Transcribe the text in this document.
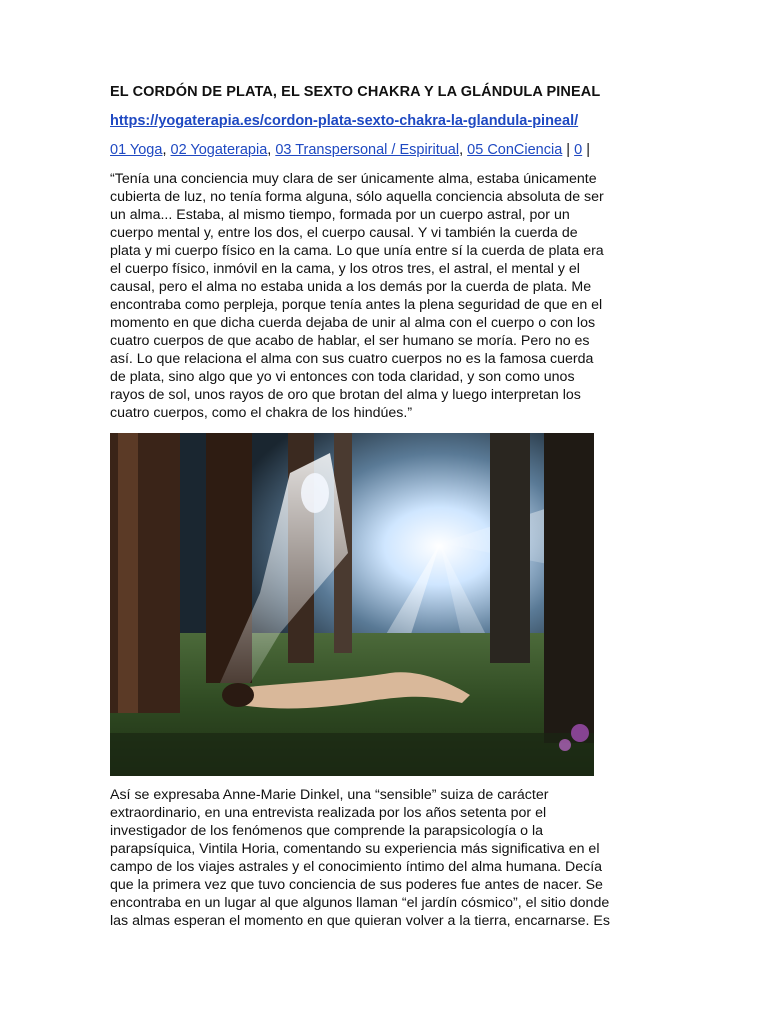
EL CORDÓN DE PLATA, EL SEXTO CHAKRA Y LA GLÁNDULA PINEAL
https://yogaterapia.es/cordon-plata-sexto-chakra-la-glandula-pineal/
01 Yoga, 02 Yogaterapia, 03 Transpersonal / Espiritual, 05 ConCiencia | 0 |

“Tenía una conciencia muy clara de ser únicamente alma, estaba únicamente

cubierta de luz, no tenía forma alguna, sólo aquella conciencia absoluta de ser

un alma... Estaba, al mismo tiempo, formada por un cuerpo astral, por un

cuerpo mental y, entre los dos, el cuerpo causal. Y vi también la cuerda de

plata y mi cuerpo físico en la cama. Lo que unía entre sí la cuerda de plata era

el cuerpo físico, inmóvil en la cama, y los otros tres, el astral, el mental y el

causal, pero el alma no estaba unida a los demás por la cuerda de plata. Me

encontraba como perpleja, porque tenía antes la plena seguridad de que en el

momento en que dicha cuerda dejaba de unir al alma con el cuerpo o con los

cuatro cuerpos de que acabo de hablar, el ser humano se moría. Pero no es

así. Lo que relaciona el alma con sus cuatro cuerpos no es la famosa cuerda

de plata, sino algo que yo vi entonces con toda claridad, y son como unos

rayos de sol, unos rayos de oro que brotan del alma y luego interpretan los

cuatro cuerpos, como el chakra de los hindúes.”

Así se expresaba Anne-Marie Dinkel, una “sensible” suiza de carácter

extraordinario, en una entrevista realizada por los años setenta por el

investigador de los fenómenos que comprende la parapsicología o la

parapsíquica, Vintila Horia, comentando su experiencia más significativa en el

campo de los viajes astrales y el conocimiento íntimo del alma humana. Decía

que la primera vez que tuvo conciencia de sus poderes fue antes de nacer. Se

encontraba en un lugar al que algunos llaman “el jardín cósmico”, el sitio donde

las almas esperan el momento en que quieran volver a la tierra, encarnarse. Es
